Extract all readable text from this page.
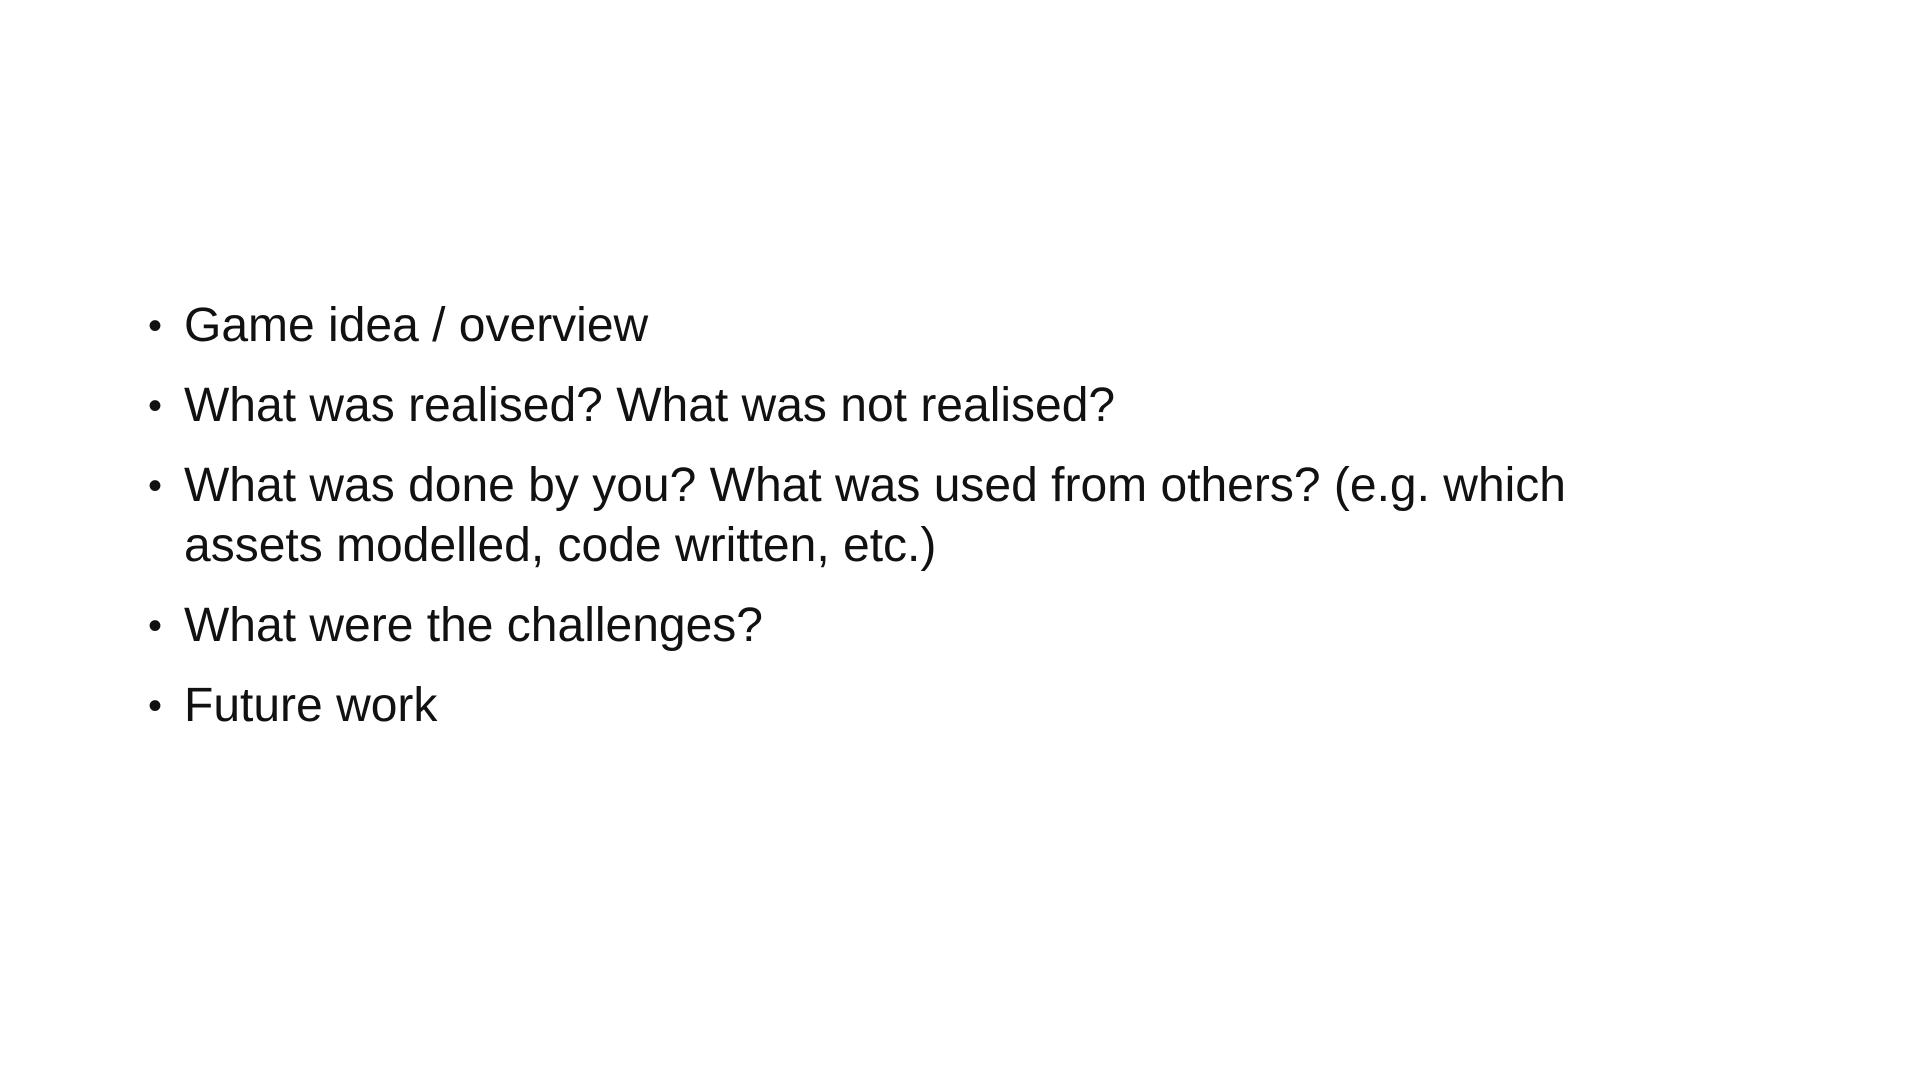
• Game idea / overview
• What was realised? What was not realised?
• What was done by you? What was used from others? (e.g. which assets modelled, code written, etc.)
• What were the challenges?
• Future work
